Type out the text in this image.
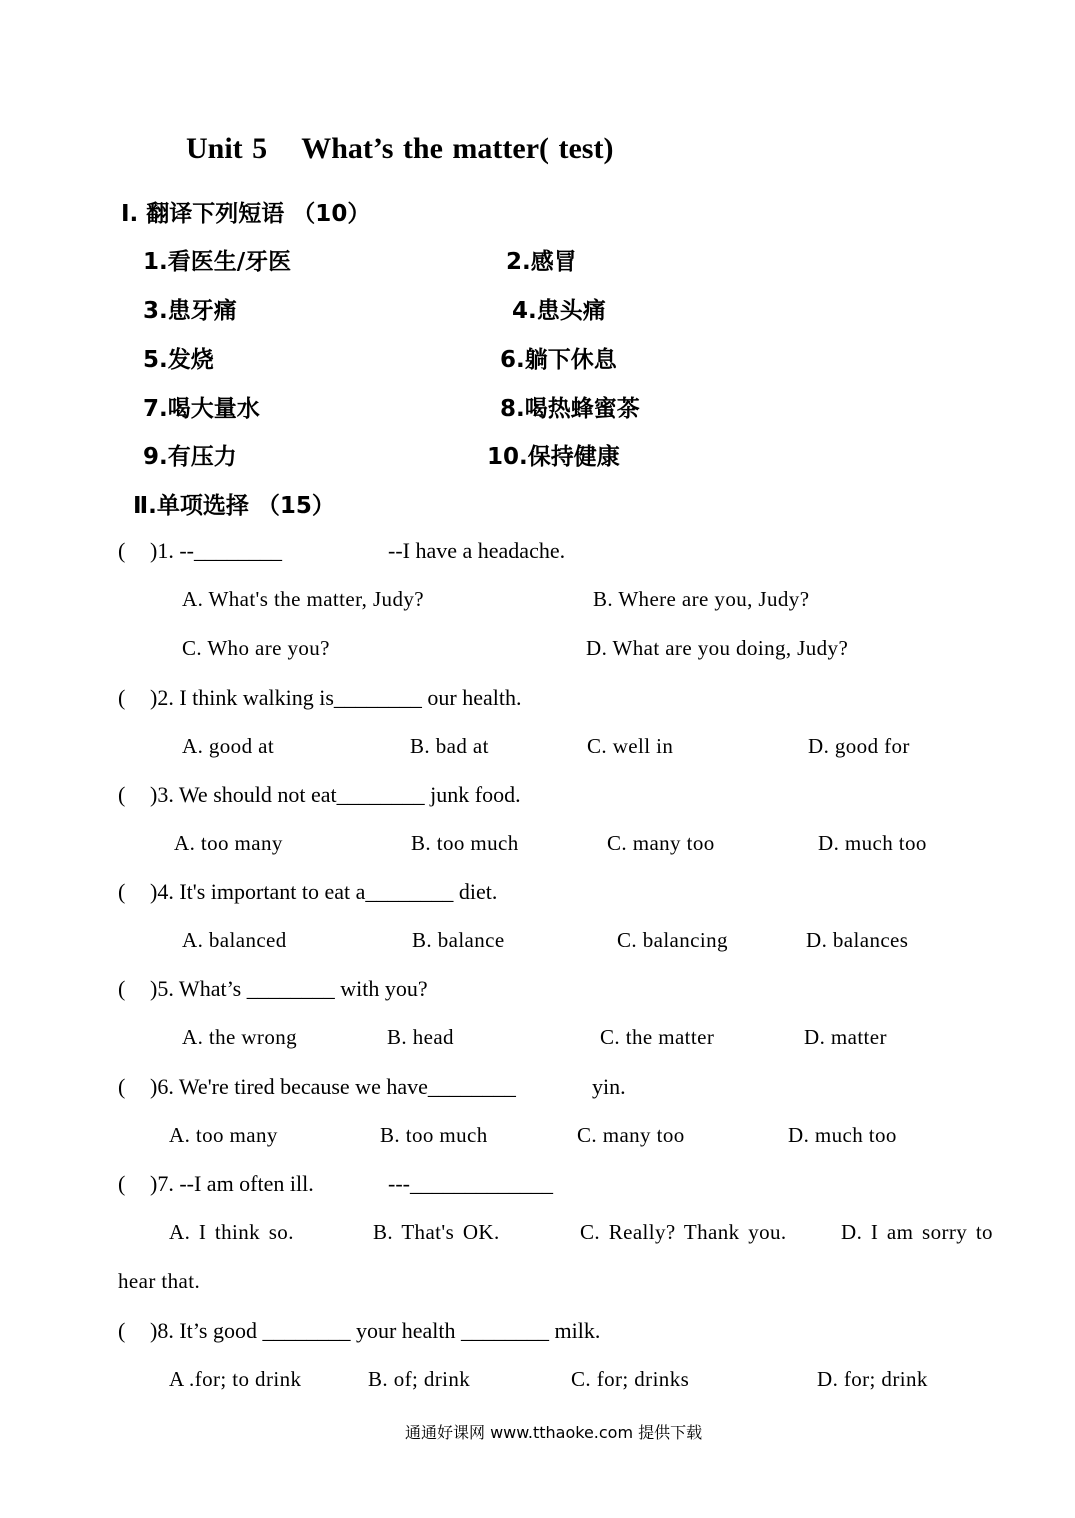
Unit 5 What’s the matter( test)
Ⅰ. 翻译下列短语 （10）
1.看医生/牙医	2.感冒
3.患牙痛	4.患头痛
5.发烧	6.躺下休息
7.喝大量水	8.喝热蜂蜜茶
9.有压力	10.保持健康
Ⅱ.单项选择 （15）
( )1. --________	--I have a headache.
A. What's the matter, Judy?	B. Where are you, Judy?
C. Who are you?	D. What are you doing, Judy?
( )2. I think walking is________ our health.
A. good at	B. bad at	C. well in	D. good for
( )3. We should not eat________ junk food.
A. too many	B. too much	C. many too	D. much too
( )4. It's important to eat a________ diet.
A. balanced	B. balance	C. balancing	D. balances
( )5. What’s ________ with you?
A. the wrong	B. head	C. the matter	D. matter
( )6. We're tired because we have________	yin.
A. too many	B. too much	C. many too	D. much too
( )7. --I am often ill.	---_____________
A. I think so.	B. That's OK.	C. Really? Thank you.	D. I am sorry to
hear that.
( )8. It’s good ________ your health ________ milk.
A .for; to drink	B. of; drink	C. for; drinks	D. for; drink
通通好课网 www.tthaoke.com 提供下载
